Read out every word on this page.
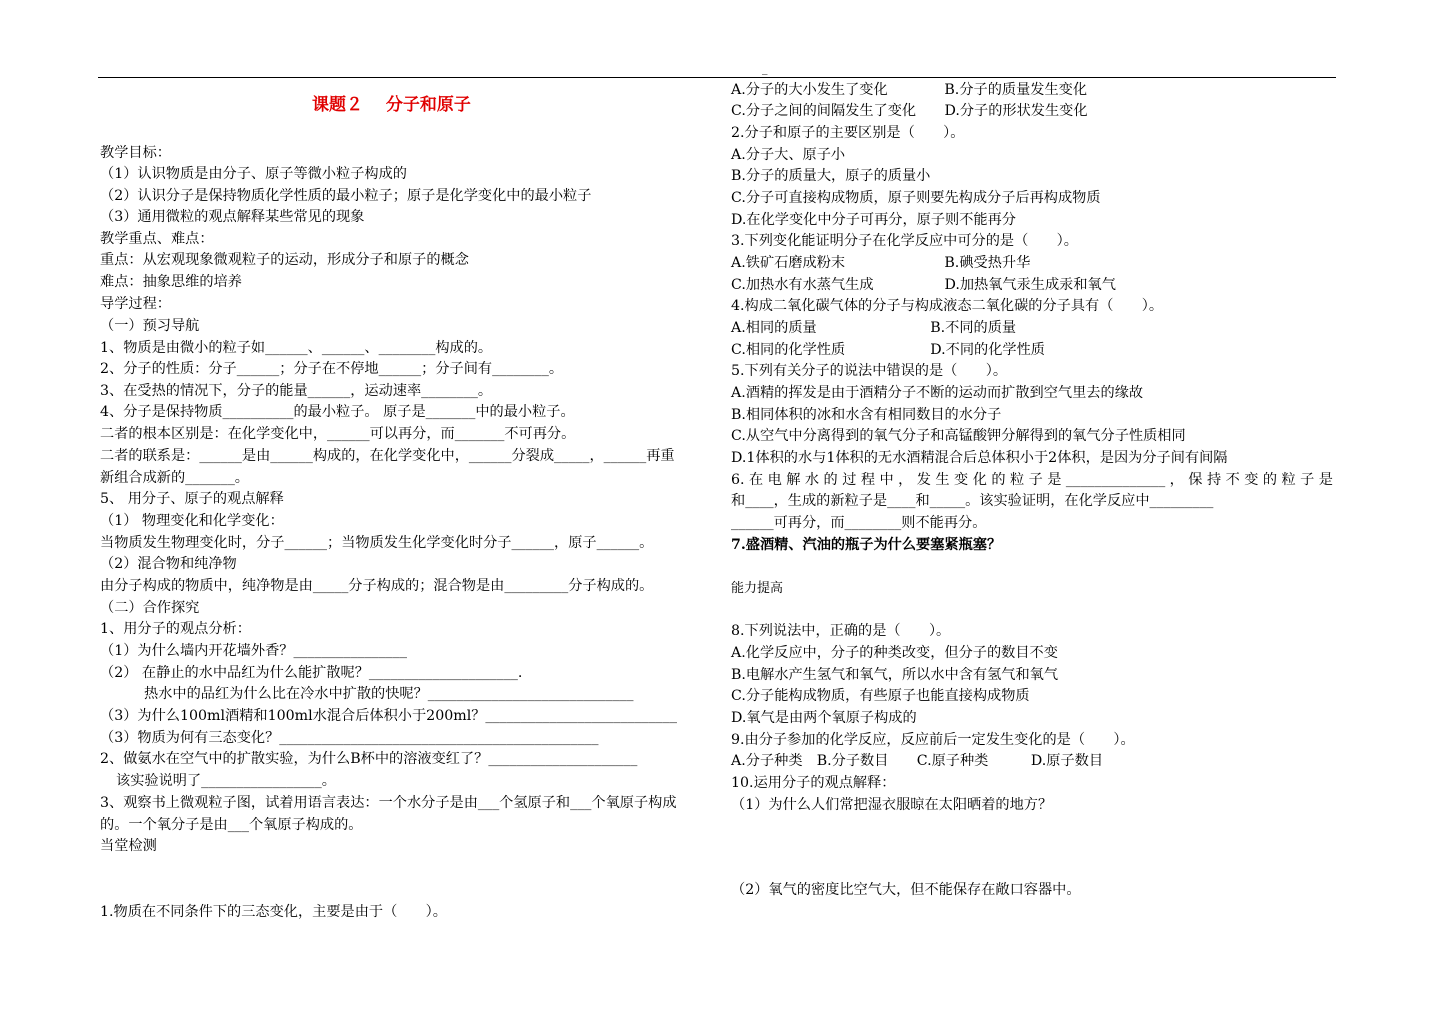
_
课题２　 分子和原子
教学目标：
（1）认识物质是由分子、原子等微小粒子构成的
（2）认识分子是保持物质化学性质的最小粒子；原子是化学变化中的最小粒子
（3）通用微粒的观点解释某些常见的现象
教学重点、难点：
重点：从宏观现象微观粒子的运动，形成分子和原子的概念
难点：抽象思维的培养
导学过程：
（一）预习导航
1、物质是由微小的粒子如______、______、________构成的。
2、分子的性质：分子______；分子在不停地______；分子间有________。
3、在受热的情况下，分子的能量______，运动速率________。
4、分子是保持物质__________的最小粒子。 原子是_______中的最小粒子。
二者的根本区别是：在化学变化中，______可以再分，而_______不可再分。
二者的联系是：______是由______构成的，在化学变化中，______分裂成_____，______再重
新组合成新的_______。
5、 用分子、原子的观点解释
（1） 物理变化和化学变化：
当物质发生物理变化时，分子______；当物质发生化学变化时分子______，原子______。
（2）混合物和纯净物
由分子构成的物质中，纯净物是由_____分子构成的；混合物是由_________分子构成的。
（二）合作探究
1、用分子的观点分析：
（1）为什么墙内开花墙外香？________________
（2） 在静止的水中品红为什么能扩散呢？_____________________.
热水中的品红为什么比在冷水中扩散的快呢？_____________________________
（3）为什么100ml酒精和100ml水混合后体积小于200ml？___________________________
（3）物质为何有三态变化？_____________________________________________
2、做氨水在空气中的扩散实验，为什么B杯中的溶液变红了？_____________________
该实验说明了_________________。
3、观察书上微观粒子图，试着用语言表达：一个水分子是由___个氢原子和___个氧原子构成
的。一个氧分子是由___个氧原子构成的。
当堂检测
1.物质在不同条件下的三态变化，主要是由于（　　）。
A.分子的大小发生了变化　　　　B.分子的质量发生变化
C.分子之间的间隔发生了变化　　D.分子的形状发生变化
2.分子和原子的主要区别是（　　）。
A.分子大、原子小
B.分子的质量大，原子的质量小
C.分子可直接构成物质，原子则要先构成分子后再构成物质
D.在化学变化中分子可再分，原子则不能再分
3.下列变化能证明分子在化学反应中可分的是（　　）。
A.铁矿石磨成粉末　　　　　　　B.碘受热升华
C.加热水有水蒸气生成　　　　　D.加热氧气汞生成汞和氧气
4.构成二氧化碳气体的分子与构成液态二氧化碳的分子具有（　　）。
A.相同的质量　　　　　　　　B.不同的质量
C.相同的化学性质　　　　　　D.不同的化学性质
5.下列有关分子的说法中错误的是（　　）。
A.酒精的挥发是由于酒精分子不断的运动而扩散到空气里去的缘故
B.相同体积的冰和水含有相同数目的水分子
C.从空气中分离得到的氧气分子和高锰酸钾分解得到的氧气分子性质相同
D.1体积的水与1体积的无水酒精混合后总体积小于2体积，是因为分子间有间隔
6.在电解水的过程中，发生变化的粒子是______________，保持不变的粒子是
和____，生成的新粒子是____和_____。该实验证明，在化学反应中_________
______可再分，而________则不能再分。
7.盛酒精、汽油的瓶子为什么要塞紧瓶塞？
能力提高
8.下列说法中，正确的是（　　）。
A.化学反应中，分子的种类改变，但分子的数目不变
B.电解水产生氢气和氧气，所以水中含有氢气和氧气
C.分子能构成物质，有些原子也能直接构成物质
D.氧气是由两个氧原子构成的
9.由分子参加的化学反应，反应前后一定发生变化的是（　　）。
A.分子种类　B.分子数目　　C.原子种类　　　D.原子数目
10.运用分子的观点解释：
（1）为什么人们常把湿衣服晾在太阳晒着的地方？
（2）氧气的密度比空气大，但不能保存在敞口容器中。
